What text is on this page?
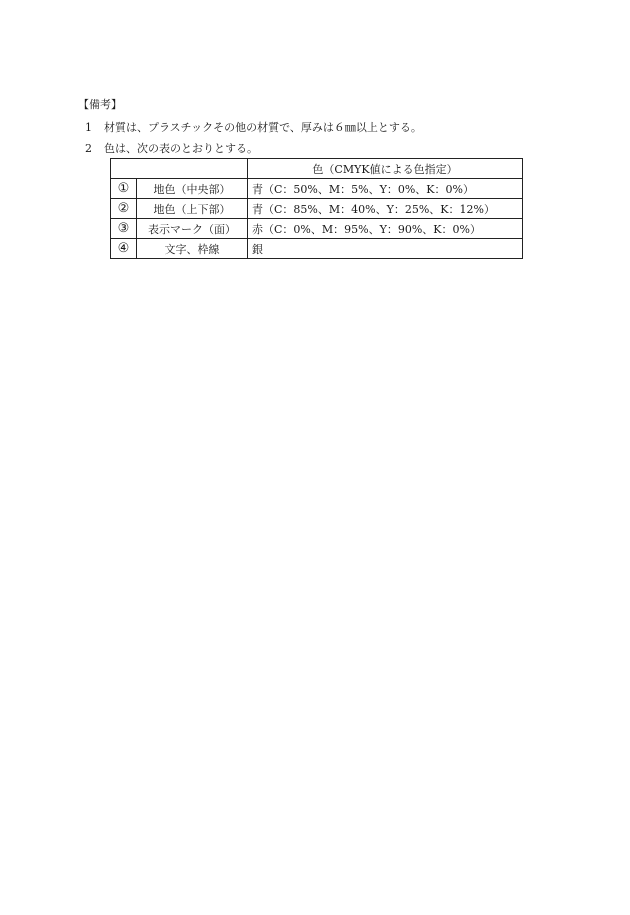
【備考】
1 材質は、プラスチックその他の材質で、厚みは６㎜以上とする。
2 色は、次の表のとおりとする。
		色（CMYK値による色指定）
①	地色（中央部）	青（C：50%、M：5%、Y：0%、K：0%）
②	地色（上下部）	青（C：85%、M：40%、Y：25%、K：12%）
③	表示マーク（面）	赤（C：0%、M：95%、Y：90%、K：0%）
④	文字、枠線	銀
